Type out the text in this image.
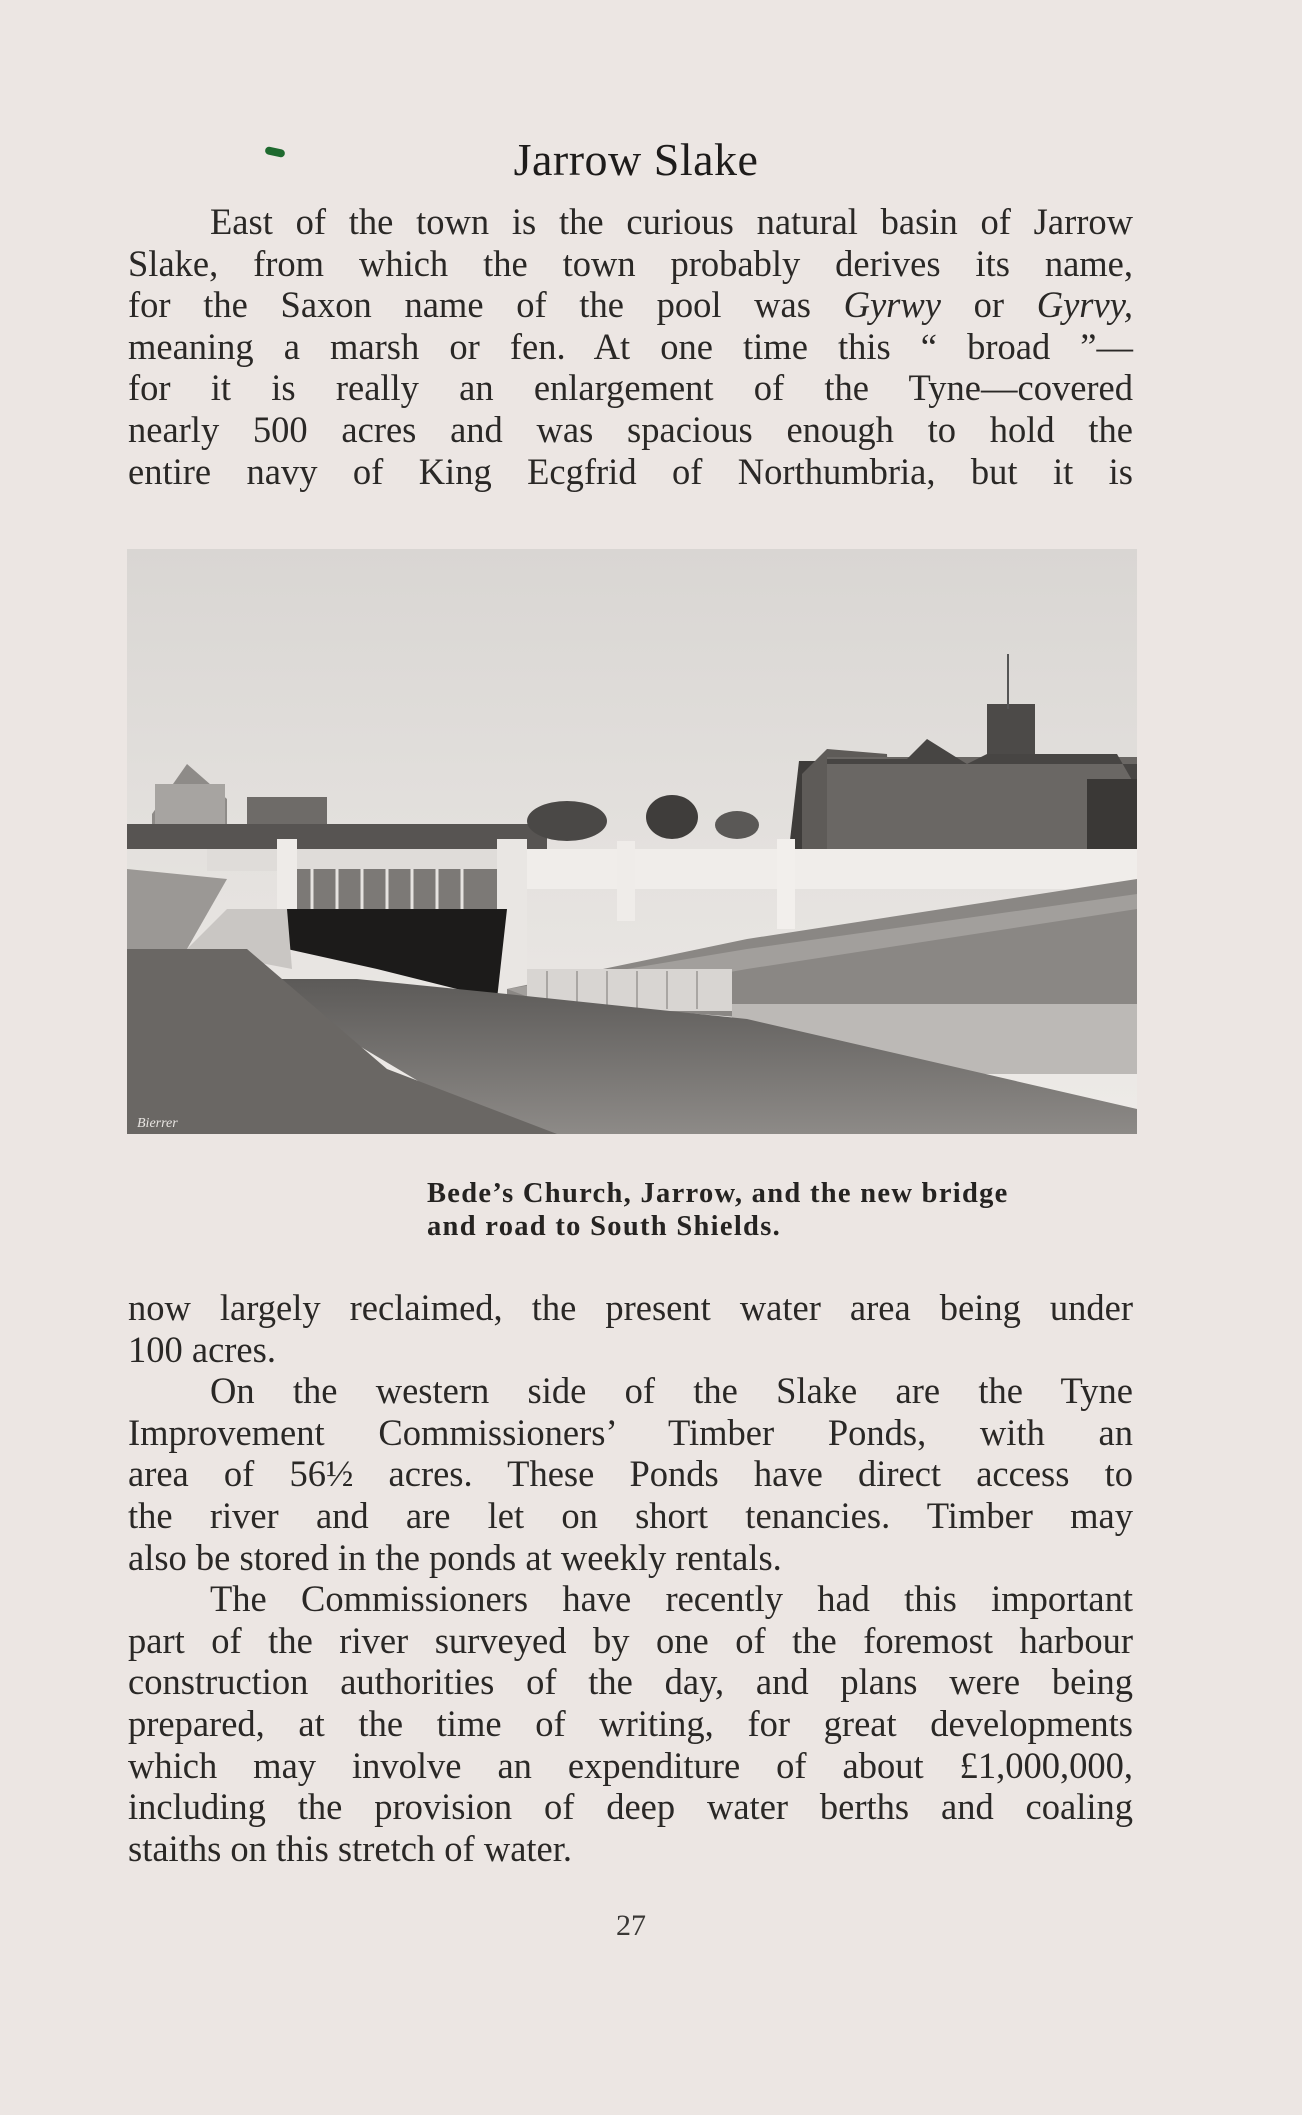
Jarrow Slake

East of the town is the curious natural basin of Jarrow

Slake, from which the town probably derives its name,

for the Saxon name of the pool was Gyrwy or Gyrvy,

meaning a marsh or fen. At one time this “ broad ”—

for it is really an enlargement of the Tyne—covered

nearly 500 acres and was spacious enough to hold the

entire navy of King Ecgfrid of Northumbria, but it is

Bierrer
Bede’s Church, Jarrow, and the new bridge
and road to South Shields.

now largely reclaimed, the present water area being under

100 acres.

On the western side of the Slake are the Tyne

Improvement Commissioners’ Timber Ponds, with an

area of 56½ acres. These Ponds have direct access to

the river and are let on short tenancies. Timber may

also be stored in the ponds at weekly rentals.

The Commissioners have recently had this important

part of the river surveyed by one of the foremost harbour

construction authorities of the day, and plans were being

prepared, at the time of writing, for great developments

which may involve an expenditure of about £1,000,000,

including the provision of deep water berths and coaling

staiths on this stretch of water.

27
